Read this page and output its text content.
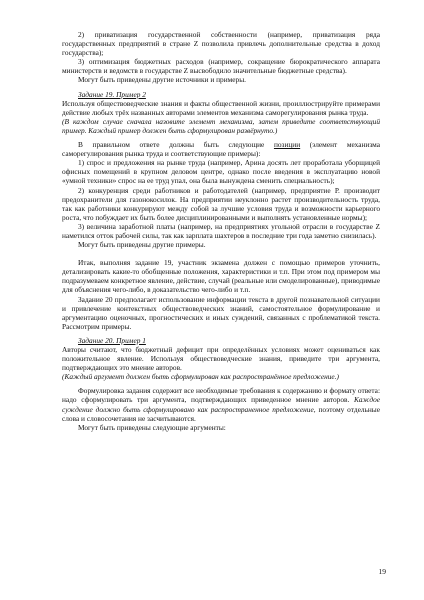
2) приватизация государственной собственности (например, приватизация ряда государственных предприятий в стране Z позволила привлечь дополнительные средства в доход государства);

3) оптимизация бюджетных расходов (например, сокращение бюрократического аппарата министерств и ведомств в государстве Z высвободило значительные бюджетные средства).

Могут быть приведены другие источники и примеры.

Задание 19. Пример 2

Используя обществоведческие знания и факты общественной жизни, проиллюстрируйте примерами действие любых трёх названных авторами элементов механизма саморегулирования рынка труда.

(В каждом случае сначала назовите элемент механизма, затем приведите соответствующий пример. Каждый пример должен быть сформулирован развёрнуто.)

В правильном ответе должны быть следующие позиции (элемент механизма саморегулирования рынка труда и соответствующие примеры):

1) спрос и предложения на рынке труда (например, Арина досять лет проработала уборщицей офисных помещений в крупном деловом центре, однако после введения в эксплуатацию новой «умной техники» спрос на ее труд упал, она была вынуждена сменить специальность);

2) конкуренция среди работников и работодателей (например, предприятие Р. производит предохранители для газонокосилок. На предприятии неуклонно растет производительность труда, так как работники конкурируют между собой за лучшие условия труда и возможности карьерного роста, что побуждает их быть более дисциплинированными и выполнять установленные нормы);

3) величина заработной платы (например, на предприятиях угольной отрасли в государстве Z наметился отток рабочей силы, так как зарплата шахтеров в последние три года заметно снизилась).

Могут быть приведены другие примеры.

Итак, выполняя задание 19, участник экзамена должен с помощью примеров уточнить, детализировать какие-то обобщенные положения, характеристики и т.п. При этом под примером мы подразумеваем конкретное явление, действие, случай (реальные или смоделированные), приводимые для объяснения чего-либо, в доказательство чего-либо и т.п.

Задание 20 предполагает использование информации текста в другой познавательной ситуации и привлечение контекстных обществоведческих знаний, самостоятельное формулирование и аргументацию оценочных, прогностических и иных суждений, связанных с проблематикой текста. Рассмотрим примеры.

Задание 20. Пример 1

Авторы считают, что бюджетный дефицит при определённых условиях может оцениваться как положительное явление. Используя обществоведческие знания, приведите три аргумента, подтверждающих это мнение авторов.

(Каждый аргумент должен быть сформулирован как распространённое предложение.)

Формулировка задания содержит все необходимые требования к содержанию и формату ответа: надо сформулировать три аргумента, подтверждающих приведенное мнение авторов. Каждое суждение должно быть сформулировано как распространенное предложение, поэтому отдельные слова и словосочетания не засчитываются.

Могут быть приведены следующие аргументы:

19
